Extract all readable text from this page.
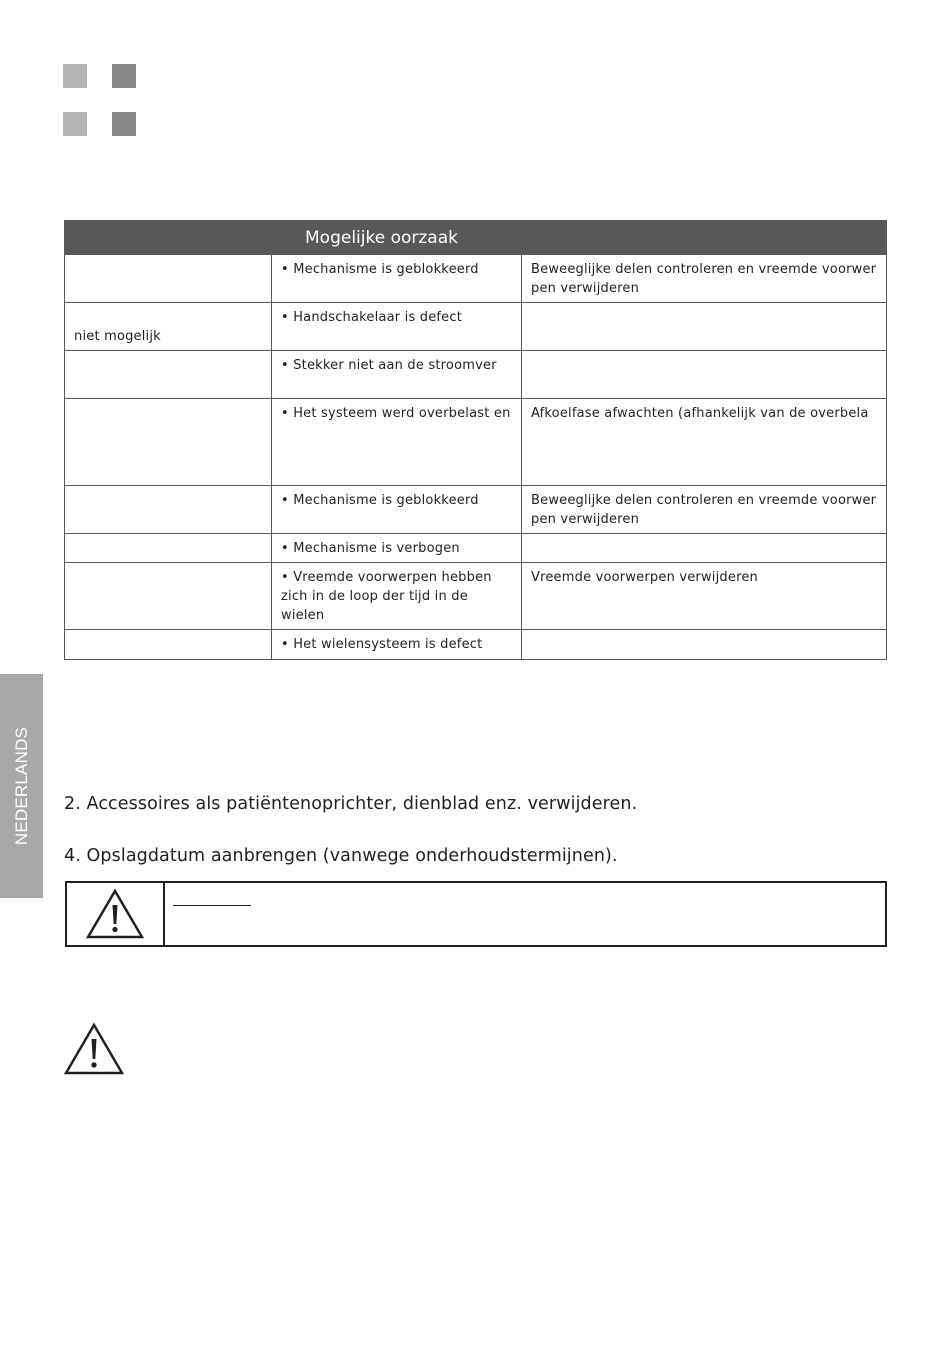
Mogelijke oorzaak		
	• Mechanisme is geblokkeerd	Beweeglijke delen controleren en vreemde voorwer pen verwijderen
niet mogelijk	• Handschakelaar is defect	
	• Stekker niet aan de stroomver	
	• Het systeem werd overbelast en	Afkoelfase afwachten (afhankelijk van de overbela
	• Mechanisme is geblokkeerd	Beweeglijke delen controleren en vreemde voorwer pen verwijderen
	• Mechanisme is verbogen	
	• Vreemde voorwerpen hebben zich in de loop der tijd in de wielen	Vreemde voorwerpen verwijderen
	• Het wielensysteem is defect	
NEDERLANDS 2. Accessoires als patiëntenoprichter, dienblad enz. verwijderen.
4. Opslagdatum aanbrengen (vanwege onderhoudstermijnen).
